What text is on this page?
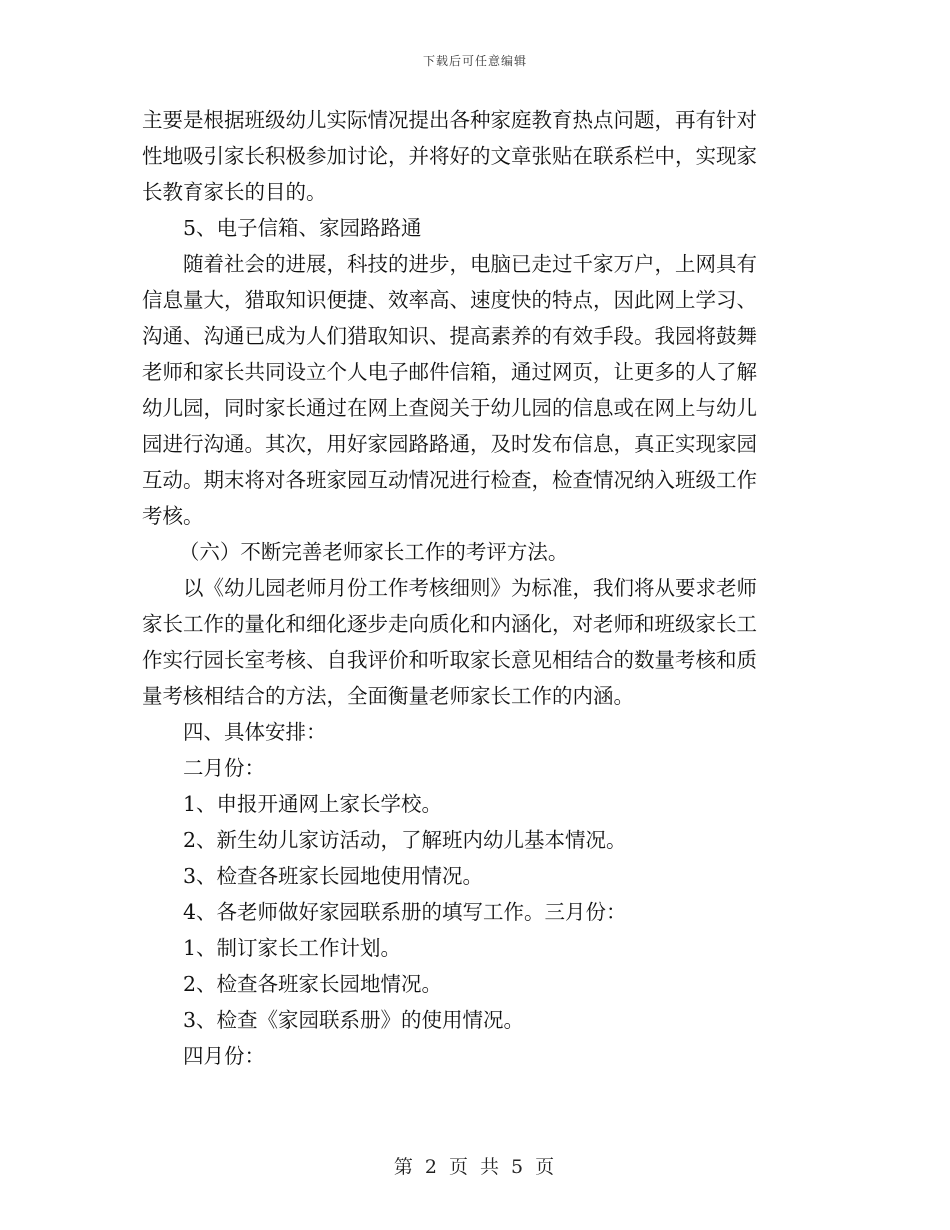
下载后可任意编辑

主要是根据班级幼儿实际情况提出各种家庭教育热点问题，再有针对
性地吸引家长积极参加讨论，并将好的文章张贴在联系栏中，实现家
长教育家长的目的。

5、电子信箱、家园路路通

随着社会的进展，科技的进步，电脑已走过千家万户，上网具有
信息量大，猎取知识便捷、效率高、速度快的特点，因此网上学习、
沟通、沟通已成为人们猎取知识、提高素养的有效手段。我园将鼓舞
老师和家长共同设立个人电子邮件信箱，通过网页，让更多的人了解
幼儿园，同时家长通过在网上查阅关于幼儿园的信息或在网上与幼儿
园进行沟通。其次，用好家园路路通，及时发布信息，真正实现家园
互动。期末将对各班家园互动情况进行检查，检查情况纳入班级工作
考核。

（六）不断完善老师家长工作的考评方法。

以《幼儿园老师月份工作考核细则》为标准，我们将从要求老师
家长工作的量化和细化逐步走向质化和内涵化，对老师和班级家长工
作实行园长室考核、自我评价和听取家长意见相结合的数量考核和质
量考核相结合的方法，全面衡量老师家长工作的内涵。

四、具体安排：

二月份：

1、申报开通网上家长学校。

2、新生幼儿家访活动，了解班内幼儿基本情况。

3、检查各班家长园地使用情况。

4、各老师做好家园联系册的填写工作。三月份：

1、制订家长工作计划。

2、检查各班家长园地情况。

3、检查《家园联系册》的使用情况。

四月份：

第 2 页 共 5 页
